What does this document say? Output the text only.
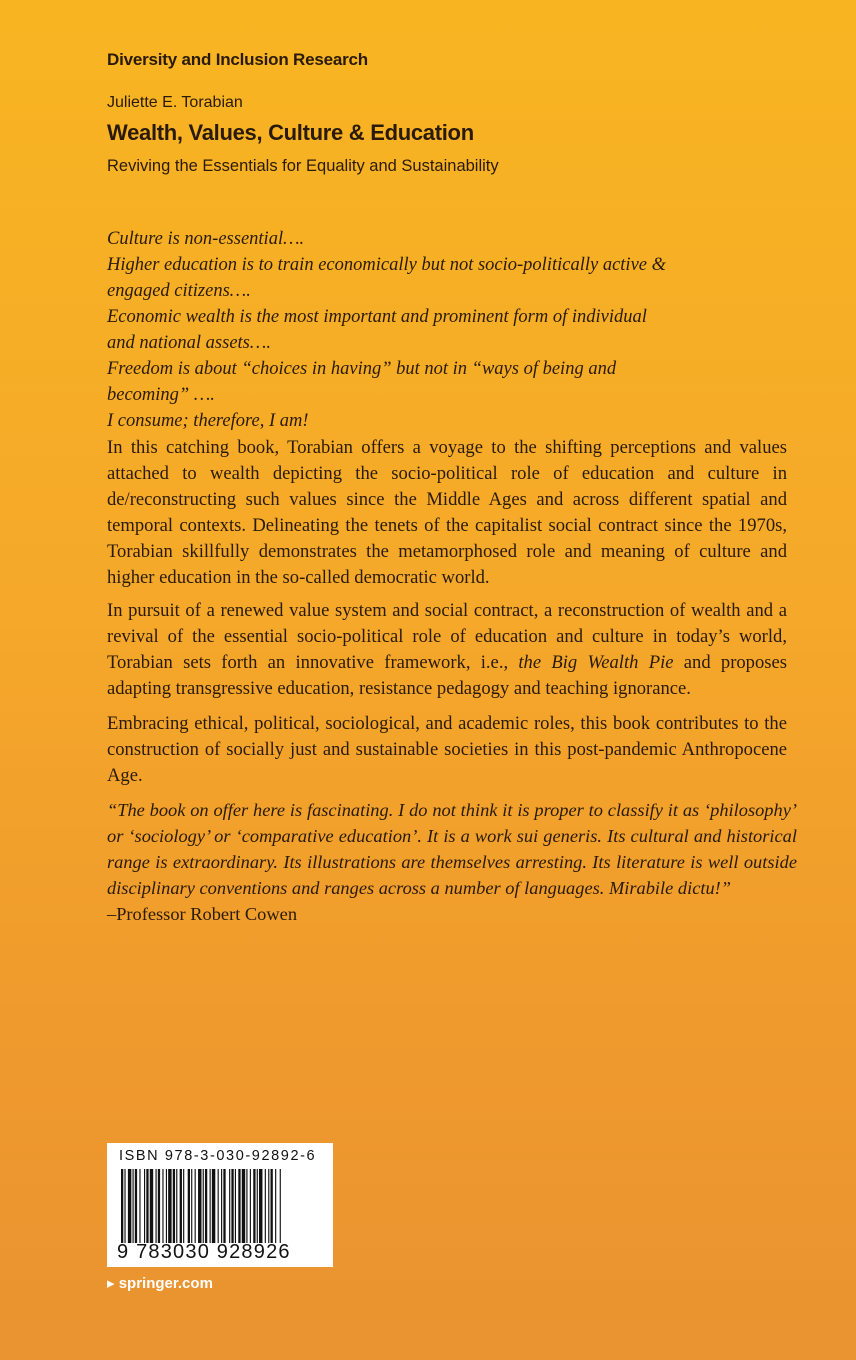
Diversity and Inclusion Research
Juliette E. Torabian
Wealth, Values, Culture & Education
Reviving the Essentials for Equality and Sustainability
Culture is non-essential….
Higher education is to train economically but not socio-politically active &
engaged citizens….
Economic wealth is the most important and prominent form of individual
and national assets….
Freedom is about “choices in having” but not in “ways of being and
becoming” ….
I consume; therefore, I am!
In this catching book, Torabian offers a voyage to the shifting perceptions and values attached to wealth depicting the socio-political role of education and culture in de/reconstructing such values since the Middle Ages and across different spatial and temporal contexts. Delineating the tenets of the capitalist social contract since the 1970s, Torabian skillfully demonstrates the metamorphosed role and meaning of culture and higher education in the so-called democratic world.
In pursuit of a renewed value system and social contract, a reconstruction of wealth and a revival of the essential socio-political role of education and culture in today’s world, Torabian sets forth an innovative framework, i.e., the Big Wealth Pie and proposes adapting transgressive education, resistance pedagogy and teaching ignorance.
Embracing ethical, political, sociological, and academic roles, this book contributes to the construction of socially just and sustainable societies in this post-pandemic Anthropocene Age.
“The book on offer here is fascinating. I do not think it is proper to classify it as ‘philosophy’ or ‘sociology’ or ‘comparative education’. It is a work sui generis. Its cultural and historical range is extraordinary. Its illustrations are themselves arresting. Its literature is well outside disciplinary conventions and ranges across a number of languages. Mirabile dictu!”
–Professor Robert Cowen
ISBN 978-3-030-92892-6
9 783030 928926
▸ springer.com
